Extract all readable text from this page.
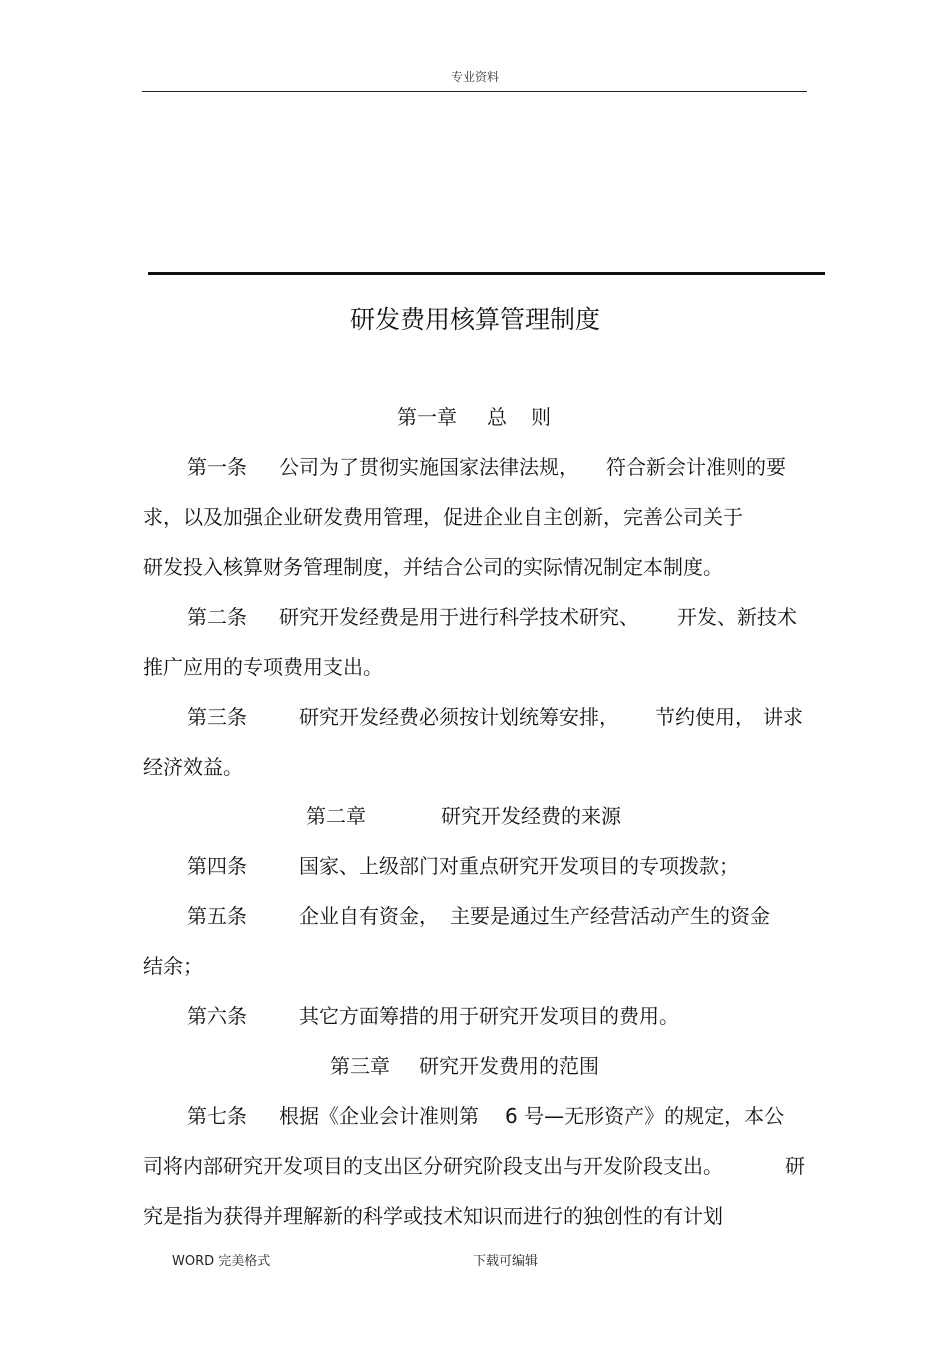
专业资料
研发费用核算管理制度
第一章 总 则
第一条 公司为了贯彻实施国家法律法规， 符合新会计准则的要
求，以及加强企业研发费用管理，促进企业自主创新，完善公司关于
研发投入核算财务管理制度，并结合公司的实际情况制定本制度。
第二条 研究开发经费是用于进行科学技术研究、 开发、新技术
推广应用的专项费用支出。
第三条	研究开发经费必须按计划统筹安排， 节约使用， 讲求
经济效益。
第二章	研究开发经费的来源
第四条	国家、上级部门对重点研究开发项目的专项拨款；
第五条	企业自有资金， 主要是通过生产经营活动产生的资金
结余；
第六条	其它方面筹措的用于研究开发项目的费用。
第三章 研究开发费用的范围
第七条 根据《企业会计准则第 6 号—无形资产》的规定，本公
司将内部研究开发项目的支出区分研究阶段支出与开发阶段支出。	研
究是指为获得并理解新的科学或技术知识而进行的独创性的有计划
WORD 完美格式	下载可编辑
